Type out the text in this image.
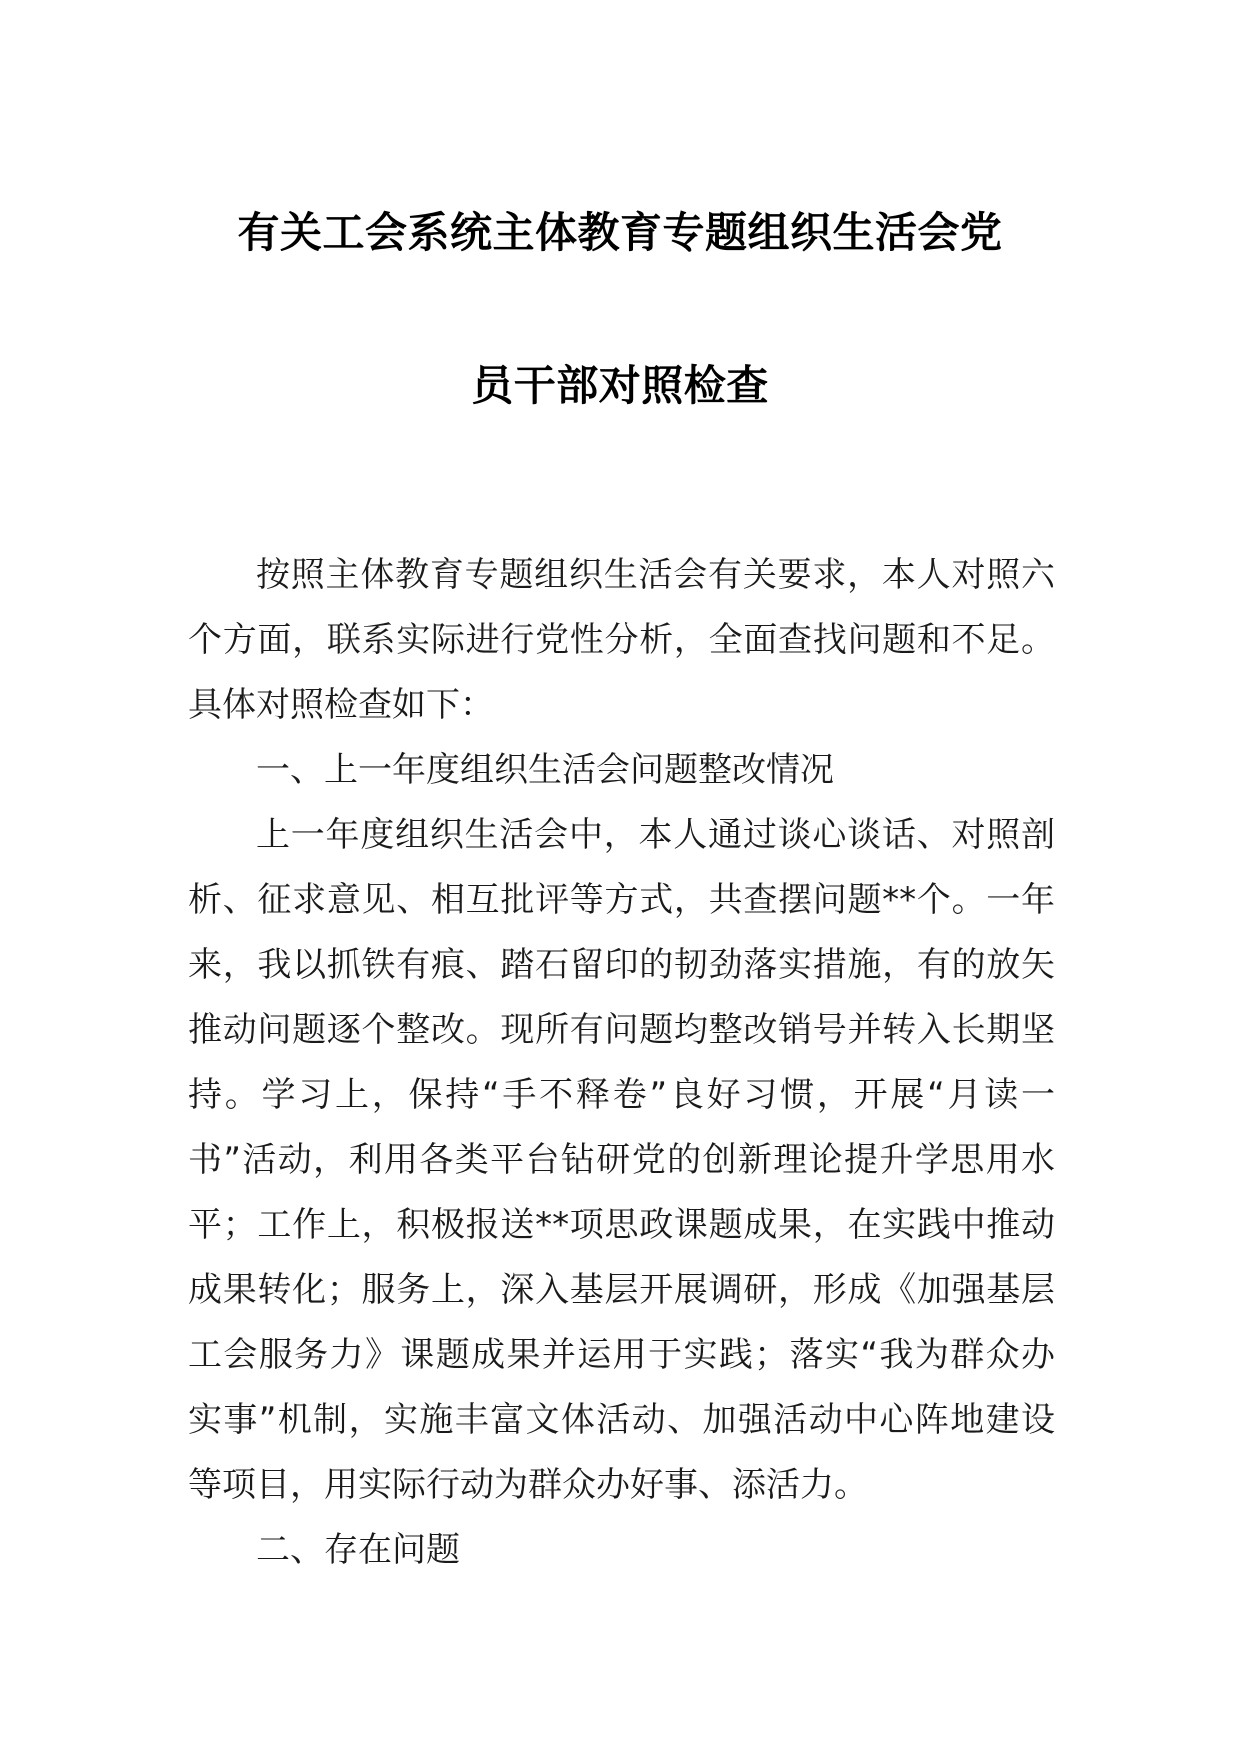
有关工会系统主体教育专题组织生活会党
员干部对照检查

按照主体教育专题组织生活会有关要求，本人对照六个方面，联系实际进行党性分析，全面查找问题和不足。具体对照检查如下：

一、上一年度组织生活会问题整改情况

上一年度组织生活会中，本人通过谈心谈话、对照剖析、征求意见、相互批评等方式，共查摆问题**个。一年来，我以抓铁有痕、踏石留印的韧劲落实措施，有的放矢推动问题逐个整改。现所有问题均整改销号并转入长期坚持。学习上，保持“手不释卷”良好习惯，开展“月读一书”活动，利用各类平台钻研党的创新理论提升学思用水平；工作上，积极报送**项思政课题成果，在实践中推动成果转化；服务上，深入基层开展调研，形成《加强基层工会服务力》课题成果并运用于实践；落实“我为群众办实事”机制，实施丰富文体活动、加强活动中心阵地建设等项目，用实际行动为群众办好事、添活力。

二、存在问题
